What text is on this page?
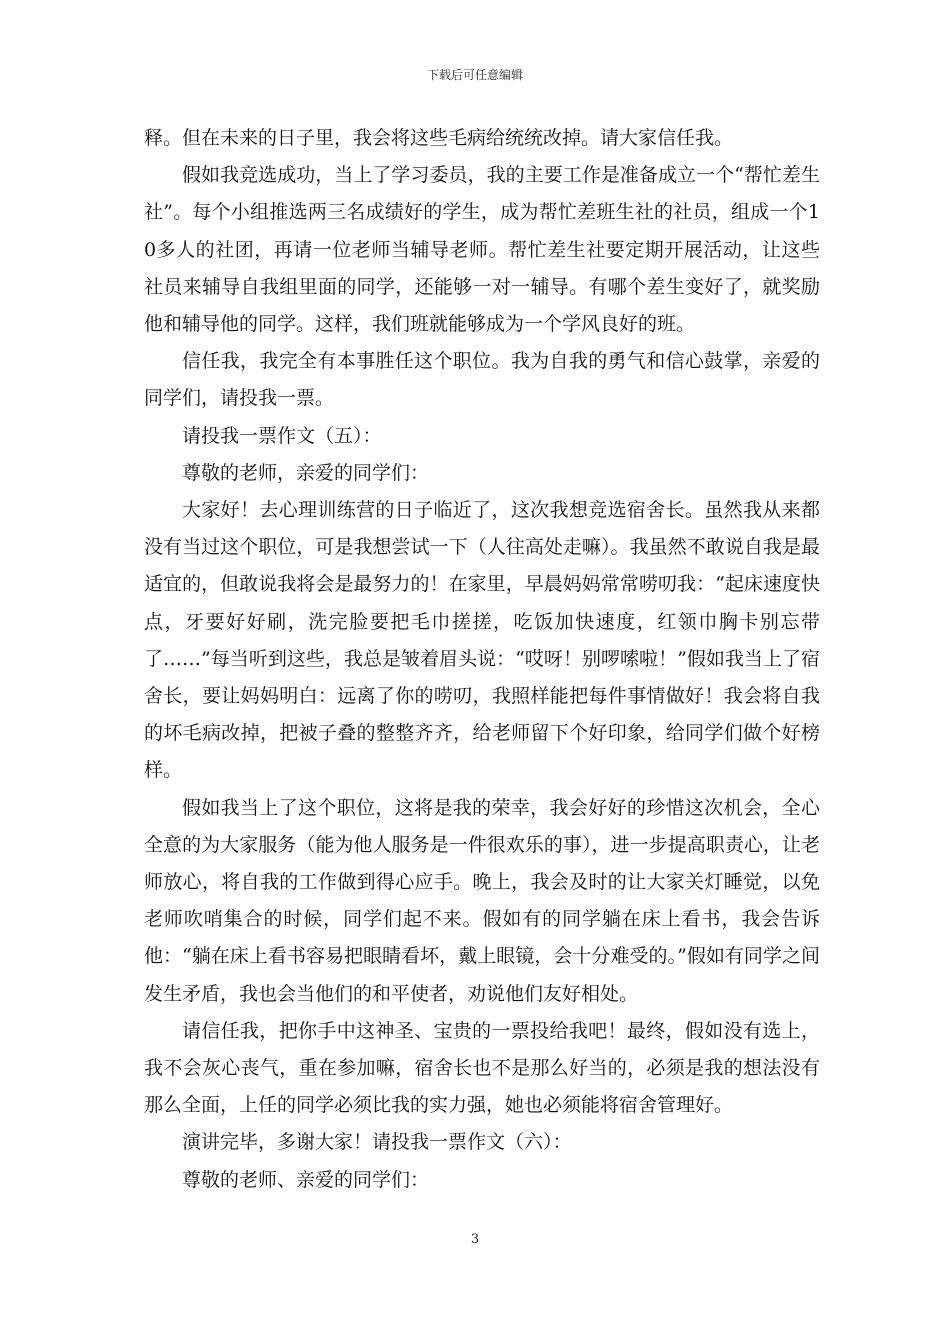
下载后可任意编辑

释。但在未来的日子里，我会将这些毛病给统统改掉。请大家信任我。

假如我竞选成功，当上了学习委员，我的主要工作是准备成立一个“帮忙差生社”。每个小组推选两三名成绩好的学生，成为帮忙差班生社的社员，组成一个10多人的社团，再请一位老师当辅导老师。帮忙差生社要定期开展活动，让这些社员来辅导自我组里面的同学，还能够一对一辅导。有哪个差生变好了，就奖励他和辅导他的同学。这样，我们班就能够成为一个学风良好的班。

信任我，我完全有本事胜任这个职位。我为自我的勇气和信心鼓掌，亲爱的同学们，请投我一票。

请投我一票作文（五）：

尊敬的老师，亲爱的同学们：

大家好！去心理训练营的日子临近了，这次我想竞选宿舍长。虽然我从来都没有当过这个职位，可是我想尝试一下（人往高处走嘛）。我虽然不敢说自我是最适宜的，但敢说我将会是最努力的！在家里，早晨妈妈常常唠叨我：“起床速度快点，牙要好好刷，洗完脸要把毛巾搓搓，吃饭加快速度，红领巾胸卡别忘带了……”每当听到这些，我总是皱着眉头说：“哎呀！别啰嗦啦！”假如我当上了宿舍长，要让妈妈明白：远离了你的唠叨，我照样能把每件事情做好！我会将自我的坏毛病改掉，把被子叠的整整齐齐，给老师留下个好印象，给同学们做个好榜样。

假如我当上了这个职位，这将是我的荣幸，我会好好的珍惜这次机会，全心全意的为大家服务（能为他人服务是一件很欢乐的事），进一步提高职责心，让老师放心，将自我的工作做到得心应手。晚上，我会及时的让大家关灯睡觉，以免老师吹哨集合的时候，同学们起不来。假如有的同学躺在床上看书，我会告诉他：“躺在床上看书容易把眼睛看坏，戴上眼镜，会十分难受的。”假如有同学之间发生矛盾，我也会当他们的和平使者，劝说他们友好相处。

请信任我，把你手中这神圣、宝贵的一票投给我吧！最终，假如没有选上，我不会灰心丧气，重在参加嘛，宿舍长也不是那么好当的，必须是我的想法没有那么全面，上任的同学必须比我的实力强，她也必须能将宿舍管理好。

演讲完毕，多谢大家！请投我一票作文（六）：

尊敬的老师、亲爱的同学们：

3
